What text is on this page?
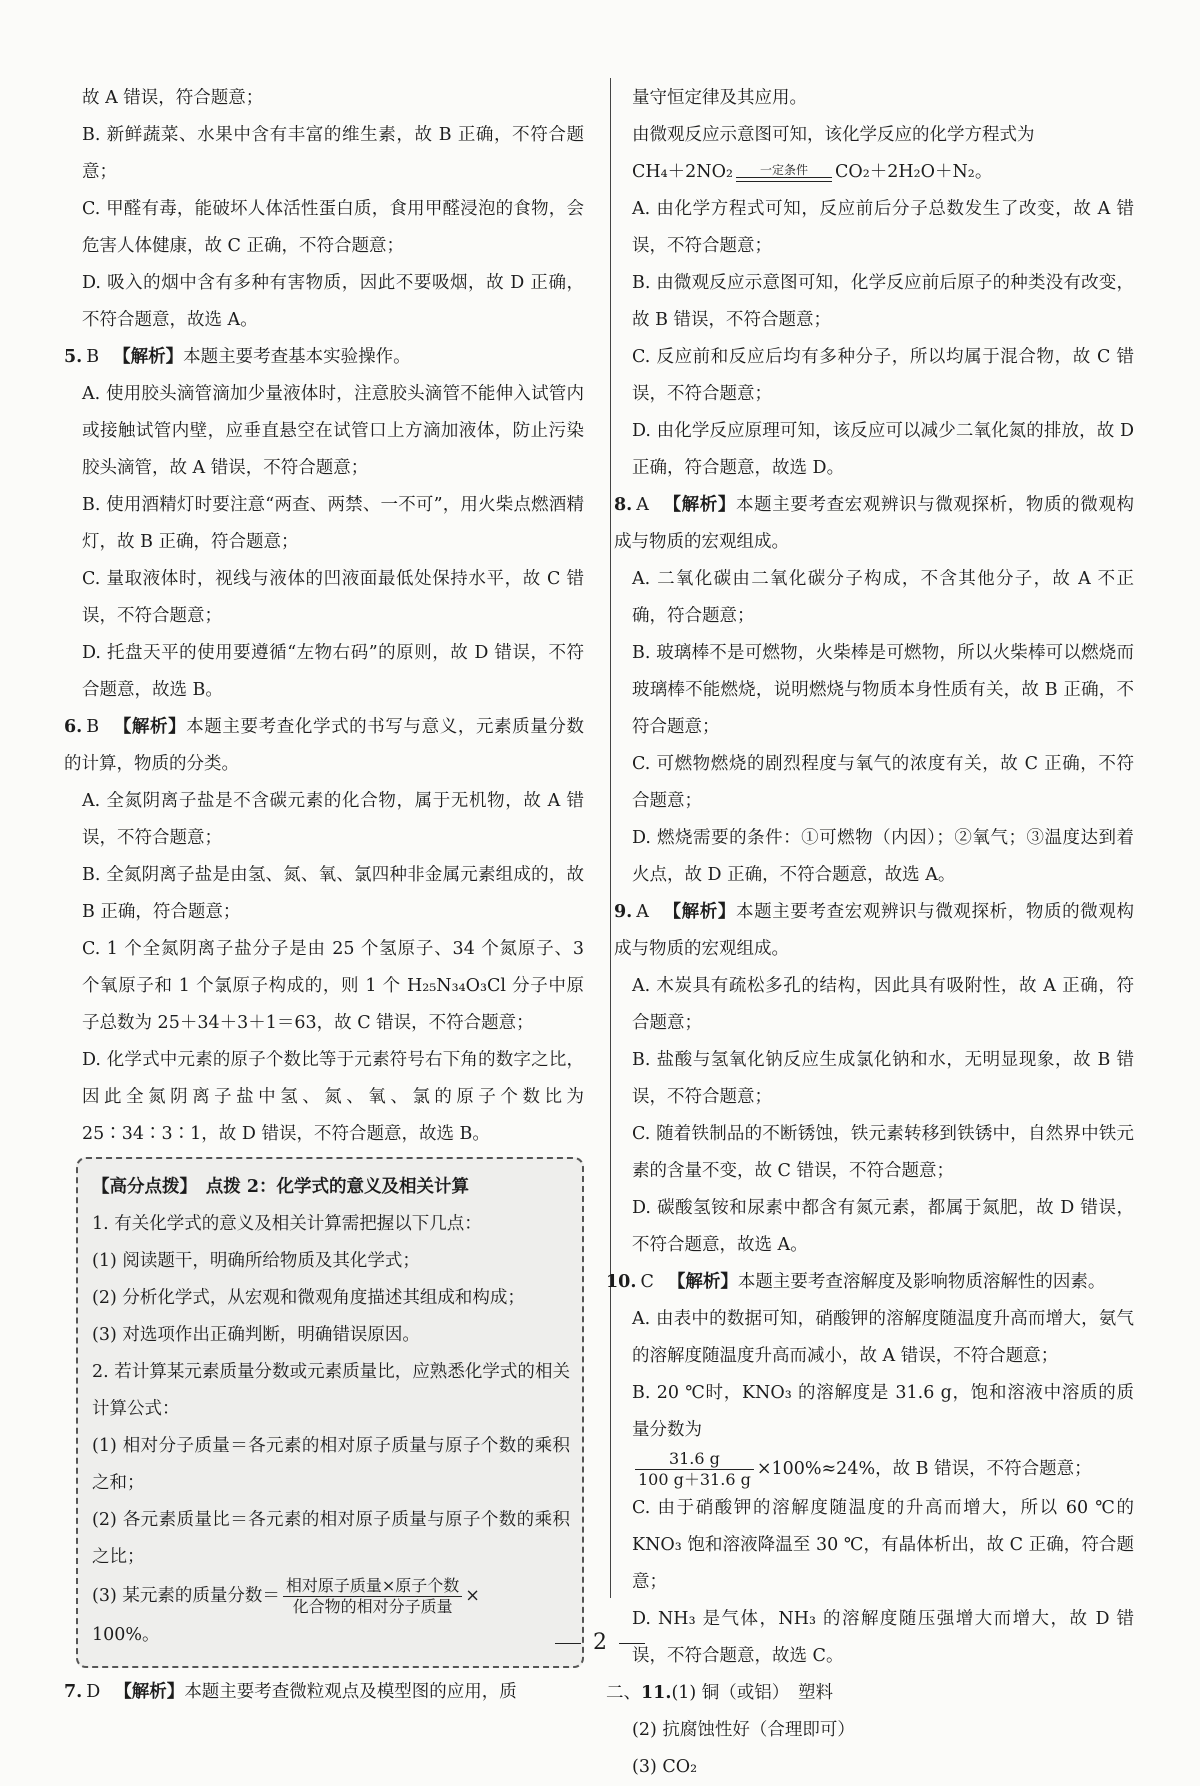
故 A 错误，符合题意；
B. 新鲜蔬菜、水果中含有丰富的维生素，故 B 正确，不符合题意；
C. 甲醛有毒，能破坏人体活性蛋白质，食用甲醛浸泡的食物，会危害人体健康，故 C 正确，不符合题意；
D. 吸入的烟中含有多种有害物质，因此不要吸烟，故 D 正确，不符合题意，故选 A。
5. B 【解析】本题主要考查基本实验操作。
A. 使用胶头滴管滴加少量液体时，注意胶头滴管不能伸入试管内或接触试管内壁，应垂直悬空在试管口上方滴加液体，防止污染胶头滴管，故 A 错误，不符合题意；
B. 使用酒精灯时要注意“两查、两禁、一不可”，用火柴点燃酒精灯，故 B 正确，符合题意；
C. 量取液体时，视线与液体的凹液面最低处保持水平，故 C 错误，不符合题意；
D. 托盘天平的使用要遵循“左物右码”的原则，故 D 错误，不符合题意，故选 B。
6. B 【解析】本题主要考查化学式的书写与意义，元素质量分数的计算，物质的分类。
A. 全氮阴离子盐是不含碳元素的化合物，属于无机物，故 A 错误，不符合题意；
B. 全氮阴离子盐是由氢、氮、氧、氯四种非金属元素组成的，故 B 正确，符合题意；
C. 1 个全氮阴离子盐分子是由 25 个氢原子、34 个氮原子、3 个氧原子和 1 个氯原子构成的，则 1 个 H₂₅N₃₄O₃Cl 分子中原子总数为 25＋34＋3＋1＝63，故 C 错误，不符合题意；
D. 化学式中元素的原子个数比等于元素符号右下角的数字之比，因此全氮阴离子盐中氢、氮、氧、氯的原子个数比为 25∶34∶3∶1，故 D 错误，不符合题意，故选 B。
【高分点拨】　点拨 2：化学式的意义及相关计算
1. 有关化学式的意义及相关计算需把握以下几点：
(1) 阅读题干，明确所给物质及其化学式；
(2) 分析化学式，从宏观和微观角度描述其组成和构成；
(3) 对选项作出正确判断，明确错误原因。
2. 若计算某元素质量分数或元素质量比，应熟悉化学式的相关计算公式：
(1) 相对分子质量＝各元素的相对原子质量与原子个数的乘积之和；
(2) 各元素质量比＝各元素的相对原子质量与原子个数的乘积之比；
(3) 某元素的质量分数＝ $\frac{\text{相对原子质量×原子个数}}{\text{化合物的相对分子质量}}$ ×
100%。
7. D 【解析】本题主要考查微粒观点及模型图的应用，质
量守恒定律及其应用。
由微观反应示意图可知，该化学反应的化学方程式为
CH₄＋2NO₂	一定条件	CO₂＋2H₂O＋N₂。
A. 由化学方程式可知，反应前后分子总数发生了改变，故 A 错误，不符合题意；
B. 由微观反应示意图可知，化学反应前后原子的种类没有改变，故 B 错误，不符合题意；
C. 反应前和反应后均有多种分子，所以均属于混合物，故 C 错误，不符合题意；
D. 由化学反应原理可知，该反应可以减少二氧化氮的排放，故 D 正确，符合题意，故选 D。
8. A 【解析】本题主要考查宏观辨识与微观探析，物质的微观构成与物质的宏观组成。
A. 二氧化碳由二氧化碳分子构成，不含其他分子，故 A 不正确，符合题意；
B. 玻璃棒不是可燃物，火柴棒是可燃物，所以火柴棒可以燃烧而玻璃棒不能燃烧，说明燃烧与物质本身性质有关，故 B 正确，不符合题意；
C. 可燃物燃烧的剧烈程度与氧气的浓度有关，故 C 正确，不符合题意；
D. 燃烧需要的条件：①可燃物（内因）；②氧气；③温度达到着火点，故 D 正确，不符合题意，故选 A。
9. A 【解析】本题主要考查宏观辨识与微观探析，物质的微观构成与物质的宏观组成。
A. 木炭具有疏松多孔的结构，因此具有吸附性，故 A 正确，符合题意；
B. 盐酸与氢氧化钠反应生成氯化钠和水，无明显现象，故 B 错误，不符合题意；
C. 随着铁制品的不断锈蚀，铁元素转移到铁锈中，自然界中铁元素的含量不变，故 C 错误，不符合题意；
D. 碳酸氢铵和尿素中都含有氮元素，都属于氮肥，故 D 错误，不符合题意，故选 A。
10. C 【解析】本题主要考查溶解度及影响物质溶解性的因素。
A. 由表中的数据可知，硝酸钾的溶解度随温度升高而增大，氨气的溶解度随温度升高而减小，故 A 错误，不符合题意；
B. 20 ℃时，KNO₃ 的溶解度是 31.6 g，饱和溶液中溶质的质量分数为
$\frac{31.6 g}{100 g+31.6 g} \times 100\%\approx 24\%$，故 B 错误，不符合题意；
C. 由于硝酸钾的溶解度随温度的升高而增大，所以 60 ℃的 KNO₃ 饱和溶液降温至 30 ℃，有晶体析出，故 C 正确，符合题意；
D. NH₃ 是气体，NH₃ 的溶解度随压强增大而增大，故 D 错误，不符合题意，故选 C。
二、11.(1) 铜（或铝）　塑料
(2) 抗腐蚀性好（合理即可）
(3) CO₂
2
